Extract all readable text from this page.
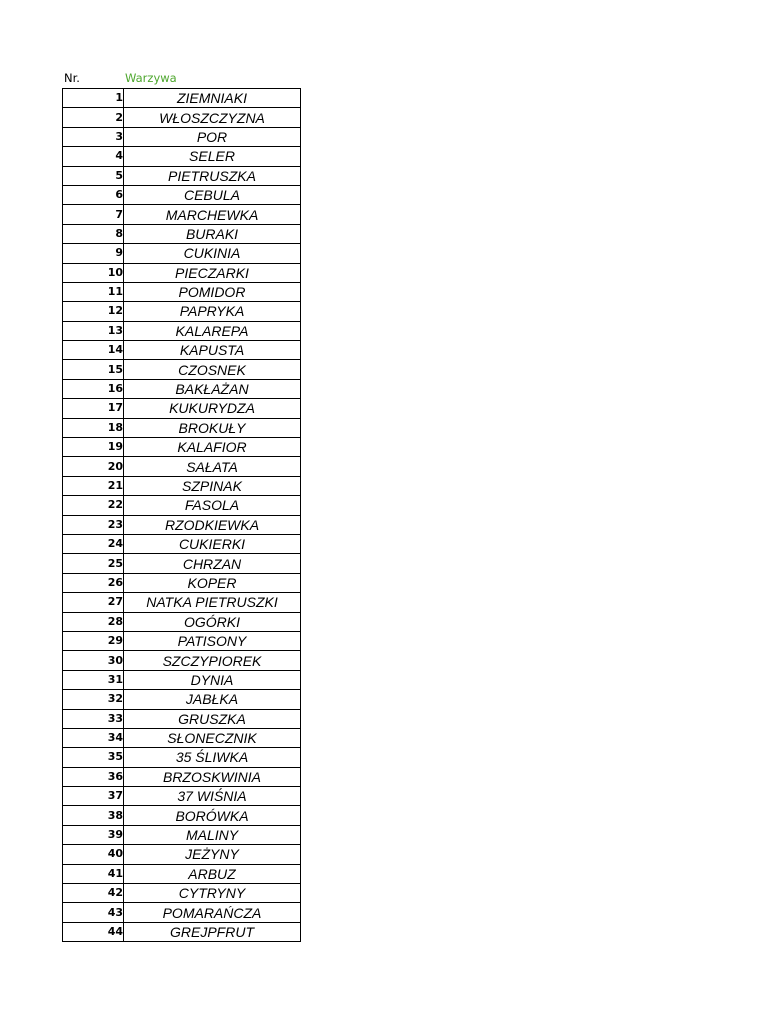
Nr.	Warzywa
1	ZIEMNIAKI
2	WŁOSZCZYZNA
3	POR
4	SELER
5	PIETRUSZKA
6	CEBULA
7	MARCHEWKA
8	BURAKI
9	CUKINIA
10	PIECZARKI
11	POMIDOR
12	PAPRYKA
13	KALAREPA
14	KAPUSTA
15	CZOSNEK
16	BAKŁAŻAN
17	KUKURYDZA
18	BROKUŁY
19	KALAFIOR
20	SAŁATA
21	SZPINAK
22	FASOLA
23	RZODKIEWKA
24	CUKIERKI
25	CHRZAN
26	KOPER
27	NATKA PIETRUSZKI
28	OGÓRKI
29	PATISONY
30	SZCZYPIOREK
31	DYNIA
32	JABŁKA
33	GRUSZKA
34	SŁONECZNIK
35	35 ŚLIWKA
36	BRZOSKWINIA
37	37 WIŚNIA
38	BORÓWKA
39	MALINY
40	JEŻYNY
41	ARBUZ
42	CYTRYNY
43	POMARAŃCZA
44	GREJPFRUT
